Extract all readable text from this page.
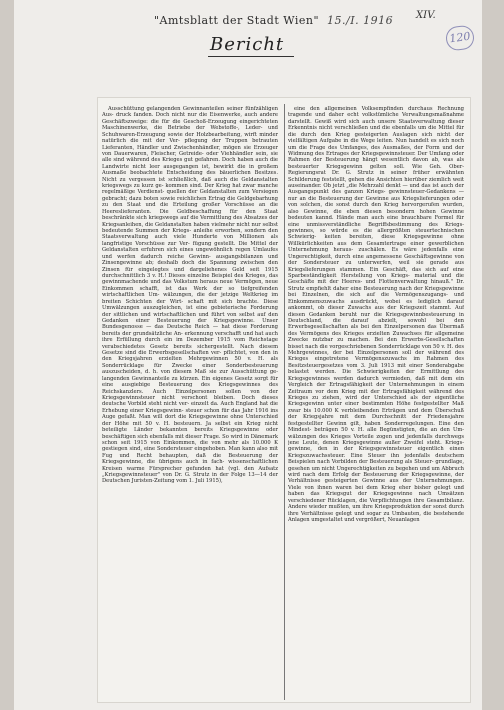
"Amtsblatt der Stadt Wien" 15./I. 1916	XIV.
120
Bericht

Ausschüttung gelangenden Gewinnanteilen seiner fünfzähligen Aus- druck fanden. Doch nicht nur die Eisenwerke, auch andere Geschäftszweige: die für die Geschoß-Erzeugung eingerichteten Maschinenwerke, die Betriebe der Webstoffe-, Leder- und Schuhwaren-Erzeugung sowie der Holzbearbeitung, wirft minder natürlich die mit der Ver- pflegung der Truppen betrauten Lieferanten, Händler und Zwischenhändler, mögen sie Erzeuger von Dauerwaren, Fleischer, Getreide- oder Viehhändler sein, sie alle sind während des Krieges gut gefahren. Doch haben auch die Landwirte nicht leer ausgegangen ist, bewirkt die in großem Ausmaße beobachtete Entscheidung des bäuerlichen Besitzes. Nicht zu vergessen ist schließlich, daß auch die Geldanstalten kriegswegs zu kurz ge- kommen sind. Der Krieg hat zwar manche regelmäßige Verdienst- quellen der Geldanstalten zum Versiegen gebracht; dazu boten sowie reichlichen Ertrag die Geldgebarhung zu den Staat und die Erteilung großer Vorschüsse an die Heereslieferanten. Die Geldbeschaffung für den Staat beschränkte sich kriegswegs auf die Vermittlung des Absatzes der Kriegsanleihen, die Geldanstalten haben vielmehr nicht nur selbst bedeutende Summen der Kriegs- anleihe erworben, sondern den Staatsverwaltung auch viele Hunderte von Millionen als langfristige Vorschüsse zur Ver- fügung gestellt. Die Mittel der Geldanstalten erfuhren sich eines ungewöhnlich regen Umlaufes und werfen dadurch reiche Gewinn- ausgangsbilanzen und Zinsengewinne ab; deshalb doch die Spannung zwischen den Zinsen für eingelegtes und dargeliehenes Geld seit 1915 durchschnittlich 3 v. H.! Dieses einzelne Beispiel des Krieges, das gewinnmachende und das Volkstum heraus neue Vermögen, neue Einkommen schafft, ist das Werk der so tiefgreifenden wirtschaftlichen Um- wälzungen, die der jetzige Weltkrieg im breiten Schichten der Wirt- schaft mit sich brachte. Diese Umwälzungen auszugleichen, ist eine gebieterische Forderung der sittlichen und wirtschaftlichen und führt von selbst auf den Gedanken einer Besteuerung der Kriegsgewinne. Unser Bundesgenosse — das Deutsche Reich — hat diese Forderung bereits der grundsätzliche An- erkennung verschafft und hat auch ihre Erfüllung durch ein im Dezember 1915 vom Reichstage verabschiedetes Gesetz bereits sichergestellt. Nach diesem Gesetze sind die Erwerbsgesellschaften ver- pflichtet, von den in den Kriegsjahren erzielten Mehrgewinnen 50 v. H. als Sonderrücklage für Zwecke einer Sonderbesteuerung auszuscheiden, d. h. von diesem Maß sie zur Ausschüttung ge- langenden Gewinnanteile zu kürzen. Ein eigenes Gesetz sorgt für eine ausgiebige Besteuerung des Kriegsgewinnes des Reichskanzlers. Auch Einzelpersonen sollen von der Kriegsgewinnsteuer nicht verschont bleiben. Doch dieses deutsche Vorbild steht nicht ver- einzelt da. Auch England hat die Erhebung einer Kriegsgewinn- steuer schon für das Jahr 1916 ins Auge gefaßt. Man will dort die Kriegsgewinne ohne Unterschied der Höhe mit 50 v. H. besteuern. Ja selbst ein Krieg nicht beteiligte Länder bekannten bereits Kriegsgewinne oder beschäftigen sich ebenfalls mit dieser Frage. So wird in Dänemark schon seit 1915 von Einkommen, die von mehr als 10.000 K gestiegen sind, eine Sondersteuer eingehoben. Man kann also mit Fug und Recht behaupten, daß die Besteuerung der Kriegsgewinne, die übrigens auch in fach- wissenschaftlichen Kreisen warme Fürsprecher gefunden hat (vgl. den Aufsatz „Kriegsgewinnsteuer" von Dr. G. Strutz in der Folge 13—14 der Deutschen Juristen-Zeitung vom 1. Juli 1915),

eine den allgemeinen Volksempfinden durchaus Rechnung tragende und daher echt volkstümliche Verwaltungsmaßnahme darstellt. Gewiß wird sich auch unsere Staatsverwaltung dieser Erkenntnis nicht verschließen und die ebenfalls um die Mittel für die durch den Krieg gesteigerten Auslagen sich nicht der vielfältigen Aufgabe in die Wege leiten. Nun handelt es sich noch um die Frage des Umfanges, des Ausmaßes, der Form und der Widmung des Ertrages der Kriegsgewinnsteuer. Der Umfang oder Rahmen der Besteuerung hängt wesentlich davon ab, was als besteuerter Kriegsgewinn gelten soll. Wie Geh. Ober-Regierungsrat Dr. G. Strutz in seiner früher erwähnten Schilderung feststellt, gehen die Ansichten hierüber ziemlich weit auseinander. Ob jetzt „die Mehrzahl denkt — und das ist auch der Ausgangspunkt des ganzen Kriegs- gewinnsteuer-Gedankens — nur an die Besteuerung der Gewinne aus Kriegslieferungen oder von solchen, die sonst durch den Krieg hervorgerufen wurden, also Gewinne, die eben diesen besondern hohen Gewinne bedeuten kannd. Hände man auch eine brauchbare Formel für eine unmissverständliche Begriffsbestimmung des Kriegs- gewinnes, so würde es die allergrößten steuertechnischen Schwierig- keiten bereiten, diese Kriegsgewinne ohne Willkürlichkeiten aus dem Gesamtertrage einer gewerblichen Unternehmung heraus- zuschälen. Es wäre jedenfalls eine Ungerechtigkeit, durch eine angemessene Geschäftsgewinne von der Sondersteuer zu unterwerfen, weil sie gerade aus Kriegslieferungen stammen. Ein Geschäft, das sich auf eine Sparbeständigkeit Herstellung von Kriegs- material und die Geschäfte mit der Heeres- und Flottenverwaltung hinauß." Dr. Strutz empfiehlt daher eine Besteuerung nach der Kriegsgewinne bei Einzelnen, die sich auf die Vermögenszugangs- und Einkommenszuwachs ausdrückt, wobei es lediglich darauf ankommt, ob dieser Zuwachs aus der Kriegszeit stammt. Auf diesen Gedanken beruht nur die Kriegsgewinnbesteuerung in Deutschland, die darauf abzielt, sowohl bei den Erwerbsgesellschaften als bei den Einzelpersonen das Übermaß des Vermögens des Krieges erzielten Zuwachses für allgemeine Zwecke nutzbar zu machen. Bei den Erwerbs-Gesellschaften bisset nach die vorgeschriebenen Sonderrücklage von 50 v. H. des Mehrgewinnes, der bei Einzelpersonen soll der während des Krieges eingetretene Vermögenszuwachs im Rahmen des Besitzsteuergesetzes vom 3. Juli 1913 mit einer Sonderabgabe belastet werden. Die Schwierigkeiten der Ermittlung des Kriegsgewinnes werden dadurch vermieden, daß mit dem ein Vergleich der Ertragsfähigkeit der Unternehmungen in einem Zeitraum vor dem Krieg mit der Ertragsfähigkeit während des Krieges zu ziehen, wird der Unterschied als der eigentliche Kriegsgewinn unter einer bestimmten Höhe festgestellter Maß zwar bis 10.000 K verbleibenden Erträgen und dem Überschuß der Kriegsjahre mit dem Durchschnitt der Friedensjahre festgestellter Gewinn gilt, haben Sonderregelungen. Eine den Mindest- beträgen 50 v. H. alle Begünstigten, die an den Um- wälzungen des Krieges Vorteile zogen und jedenfalls durchwegs jene Leute, denen Kriegsgewinne außer Zweifel steht. Kriegs- gewinne, den in der Kriegsgewinnsteuer eigentlich einen Kriegszuwachssteuer. Eine Steuer ihn jedenfalls deutschem Beispielen nach Vorbilden der Besteuerung als Steuer- grundlage, gesehen um nicht Ungerechtigkeiten zu begehen und um Abbruch wird nach dem Erfolg der Besteuerung der Kriegsgewinne, der Verhältnisse gesteigerten Gewinne aus der Unternehmungen. Viele von ihnen waren bei dem Krieg eher bisher gelegt und haben das Kriegsgut der Kriegsgewinne nach Umsätzen verschiedener Rücklagen, die Verpflichtungen ihre Gesamtbilanz. Andere wieder mußten, um ihre Kriegsproduktion der sonst durch ihre Verhältnisse gelegt und sogar zu Umbauten, die bestehende Anlagen umgestaltet und vergrößert, Neuanlagen
